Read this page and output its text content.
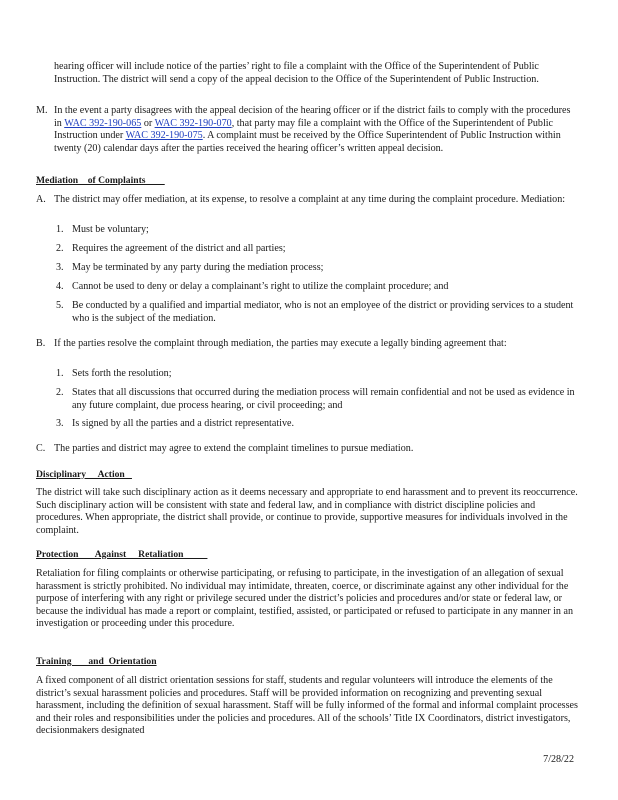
hearing officer will include notice of the parties’ right to file a complaint with the Office of the Superintendent of Public Instruction. The district will send a copy of the appeal decision to the Office of the Superintendent of Public Instruction.
M. In the event a party disagrees with the appeal decision of the hearing officer or if the district fails to comply with the procedures in WAC 392-190-065 or WAC 392-190-070, that party may file a complaint with the Office of the Superintendent of Public Instruction under WAC 392-190-075. A complaint must be received by the Office Superintendent of Public Instruction within twenty (20) calendar days after the parties received the hearing officer’s written appeal decision.
Mediation    of Complaints
A. The district may offer mediation, at its expense, to resolve a complaint at any time during the complaint procedure. Mediation:
1. Must be voluntary;
2. Requires the agreement of the district and all parties;
3. May be terminated by any party during the mediation process;
4. Cannot be used to deny or delay a complainant’s right to utilize the complaint procedure; and
5. Be conducted by a qualified and impartial mediator, who is not an employee of the district or providing services to a student who is the subject of the mediation.
B. If the parties resolve the complaint through mediation, the parties may execute a legally binding agreement that:
1. Sets forth the resolution;
2. States that all discussions that occurred during the mediation process will remain confidential and not be used as evidence in any future complaint, due process hearing, or civil proceeding; and
3. Is signed by all the parties and a district representative.
C. The parties and district may agree to extend the complaint timelines to pursue mediation.
Disciplinary     Action
The district will take such disciplinary action as it deems necessary and appropriate to end harassment and to prevent its reoccurrence. Such disciplinary action will be consistent with state and federal law, and in compliance with district discipline policies and procedures. When appropriate, the district shall provide, or continue to provide, supportive measures for individuals involved in the complaint.
Protection       Against     Retaliation
Retaliation for filing complaints or otherwise participating, or refusing to participate, in the investigation of an allegation of sexual harassment is strictly prohibited. No individual may intimidate, threaten, coerce, or discriminate against any other individual for the purpose of interfering with any right or privilege secured under the district’s policies and procedures and/or state or federal law, or because the individual has made a report or complaint, testified, assisted, or participated or refused to participate in any manner in an investigation or proceeding under this procedure.
Training       and  Orientation
A fixed component of all district orientation sessions for staff, students and regular volunteers will introduce the elements of the district’s sexual harassment policies and procedures. Staff will be provided information on recognizing and preventing sexual harassment, including the definition of sexual harassment. Staff will be fully informed of the formal and informal complaint processes and their roles and responsibilities under the policies and procedures. All of the schools’ Title IX Coordinators, district investigators, decisionmakers designated
7/28/22
